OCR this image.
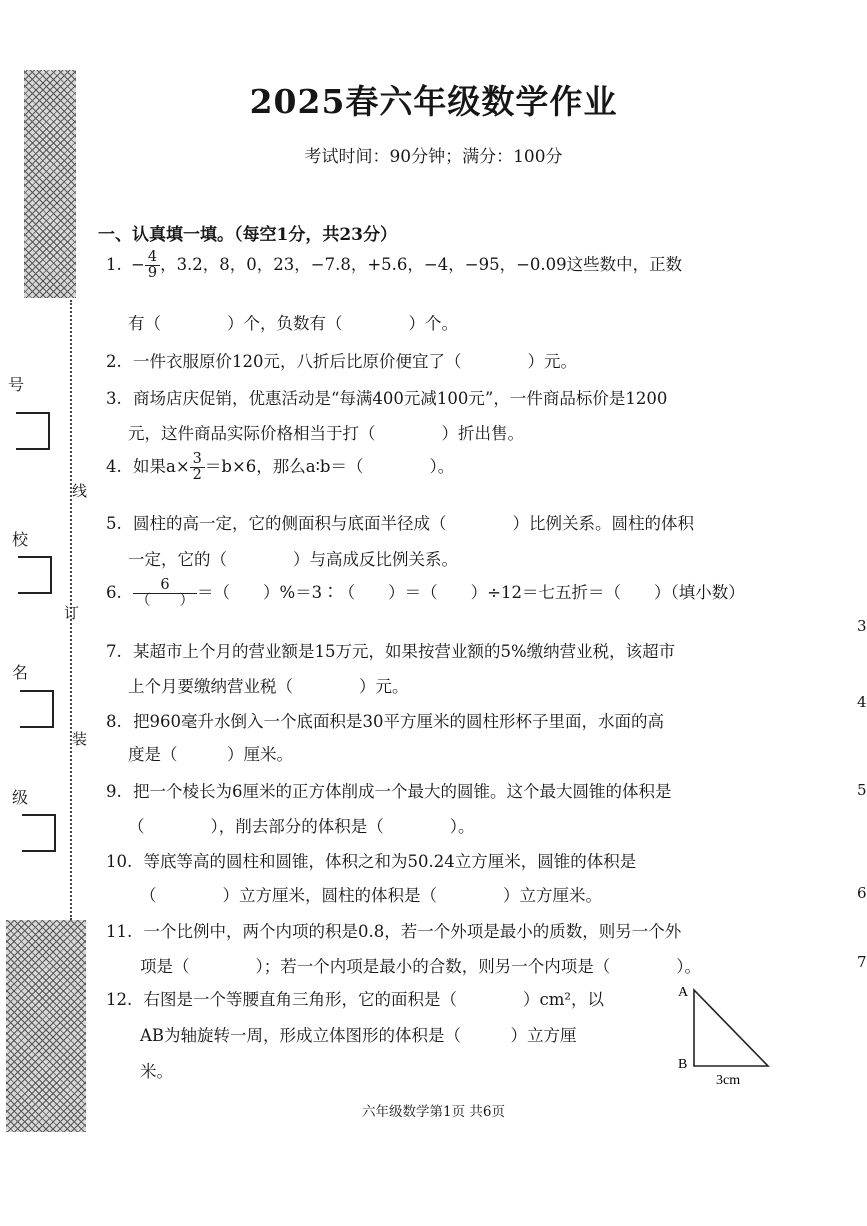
号
校
名
级
线
订
装
3
4
5
6
7
2025春六年级数学作业
考试时间：90分钟；满分：100分
一、认真填一填。（每空1分，共23分）
1. − $\frac{4}{9}$ ，3.2，8，0，23，−7.8，+5.6，−4，−95，−0.09这些数中，正数
有（　　　　）个，负数有（　　　　）个。
2. 一件衣服原价120元，八折后比原价便宜了（　　　　）元。
3. 商场店庆促销，优惠活动是“每满400元减100元”，一件商品标价是1200
元，这件商品实际价格相当于打（　　　　）折出售。
4. 如果$a\times \frac{3}{2} =b\times 6$，那么a∶b＝（　　　　）。
5. 圆柱的高一定，它的侧面积与底面半径成（　　　　）比例关系。圆柱的体积
一定，它的（　　　　）与高成反比例关系。
6. $\frac{6}{( )}$ ＝（　　）%＝3∶（　　）＝（　　）÷12＝七五折＝（　　）（填小数）
7. 某超市上个月的营业额是15万元，如果按营业额的5%缴纳营业税，该超市
上个月要缴纳营业税（　　　　）元。
8. 把960毫升水倒入一个底面积是30平方厘米的圆柱形杯子里面，水面的高
度是（　　　）厘米。
9. 把一个棱长为6厘米的正方体削成一个最大的圆锥。这个最大圆锥的体积是
（　　　　），削去部分的体积是（　　　　）。
10. 等底等高的圆柱和圆锥，体积之和为50.24立方厘米，圆锥的体积是
（　　　　）立方厘米，圆柱的体积是（　　　　）立方厘米。
11. 一个比例中，两个内项的积是0.8，若一个外项是最小的质数，则另一个外
项是（　　　　）；若一个内项是最小的合数，则另一个内项是（　　　　）。
12. 右图是一个等腰直角三角形，它的面积是（　　　　）cm²，以
AB为轴旋转一周，形成立体图形的体积是（　　　）立方厘
米。
A
B
3cm
六年级数学第1页 共6页
